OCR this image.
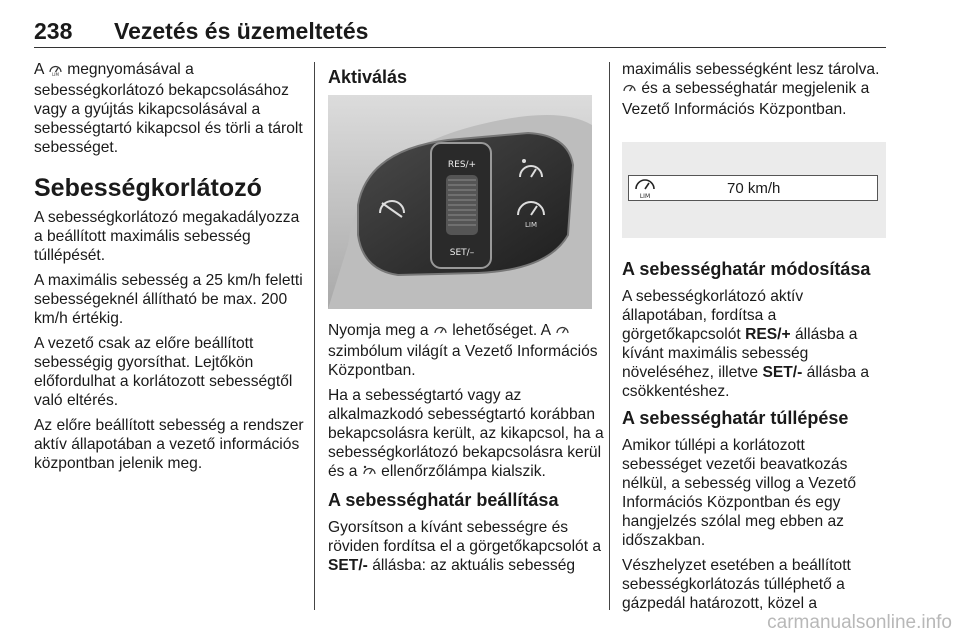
238 Vezetés és üzemeltetés

A LIM megnyomásával a sebességkorlátozó bekapcsolásához vagy a gyújtás kikapcsolásával a sebességtartó kikapcsol és törli a tárolt sebességet.

Sebességkorlátozó

A sebességkorlátozó megakadályozza a beállított maximális sebesség túllépését.

A maximális sebesség a 25 km/h feletti sebességeknél állítható be max. 200 km/h értékig.

A vezető csak az előre beállított sebességig gyorsíthat. Lejtőkön előfordulhat a korlátozott sebességtől való eltérés.

Az előre beállított sebesség a rendszer aktív állapotában a vezető információs központban jelenik meg.

Aktiválás
RES/+
SET/–
LIM

Nyomja meg a lehetőséget. A  szimbólum világít a Vezető Információs Központban.

Ha a sebességtartó vagy az alkalmazkodó sebességtartó korábban bekapcsolásra került, az kikapcsol, ha a sebességkorlátozó bekapcsolásra kerül és a ellenőrzőlámpa kialszik.

A sebességhatár beállítása

Gyorsítson a kívánt sebességre és röviden fordítsa el a görgetőkapcsolót a SET/- állásba: az aktuális sebesség

maximális sebességként lesz tárolva.

és a sebességhatár megjelenik a Vezető Információs Központban.

LIM	70 km/h
A sebességhatár módosítása

A sebességkorlátozó aktív állapotában, fordítsa a görgetőkapcsolót RES/+ állásba a kívánt maximális sebesség növeléséhez, illetve SET/- állásba a csökkentéshez.

A sebességhatár túllépése

Amikor túllépi a korlátozott sebességet vezetői beavatkozás nélkül, a sebesség villog a Vezető Információs Központban és egy hangjelzés szólal meg ebben az időszakban.

Vészhelyzet esetében a beállított sebességkorlátozás túlléphető a gázpedál határozott, közel a

carmanualsonline.info
